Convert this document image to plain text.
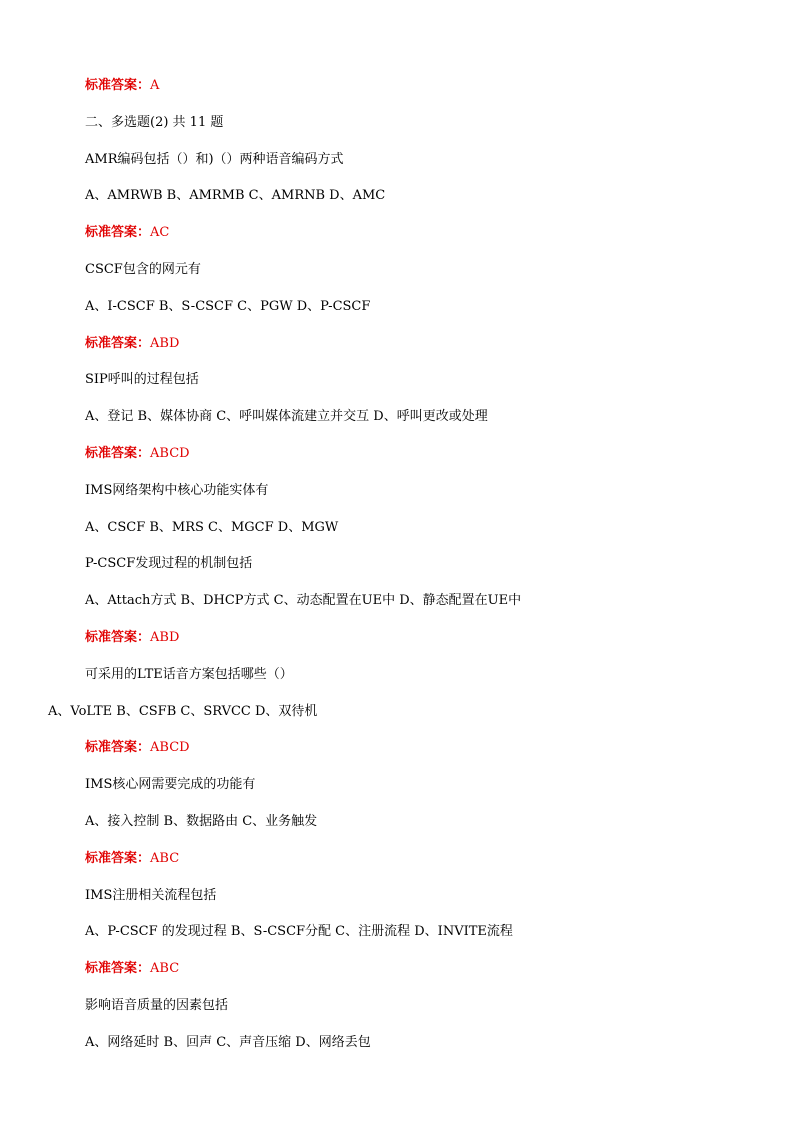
标准答案：A
二、多选题(2) 共 11 题
AMR编码包括（）和)（）两种语音编码方式
A、AMRWB B、AMRMB C、AMRNB D、AMC
标准答案：AC
CSCF包含的网元有
A、I-CSCF B、S-CSCF C、PGW D、P-CSCF
标准答案：ABD
SIP呼叫的过程包括
A、登记 B、媒体协商 C、呼叫媒体流建立并交互 D、呼叫更改或处理
标准答案：ABCD
IMS网络架构中核心功能实体有
A、CSCF B、MRS C、MGCF D、MGW
P-CSCF发现过程的机制包括
A、Attach方式 B、DHCP方式 C、动态配置在UE中 D、静态配置在UE中
标准答案：ABD
可采用的LTE话音方案包括哪些（）
A、VoLTE B、CSFB C、SRVCC D、双待机
标准答案：ABCD
IMS核心网需要完成的功能有
A、接入控制 B、数据路由 C、业务触发
标准答案：ABC
IMS注册相关流程包括
A、P-CSCF 的发现过程 B、S-CSCF分配 C、注册流程 D、INVITE流程
标准答案：ABC
影响语音质量的因素包括
A、网络延时 B、回声 C、声音压缩 D、网络丢包
